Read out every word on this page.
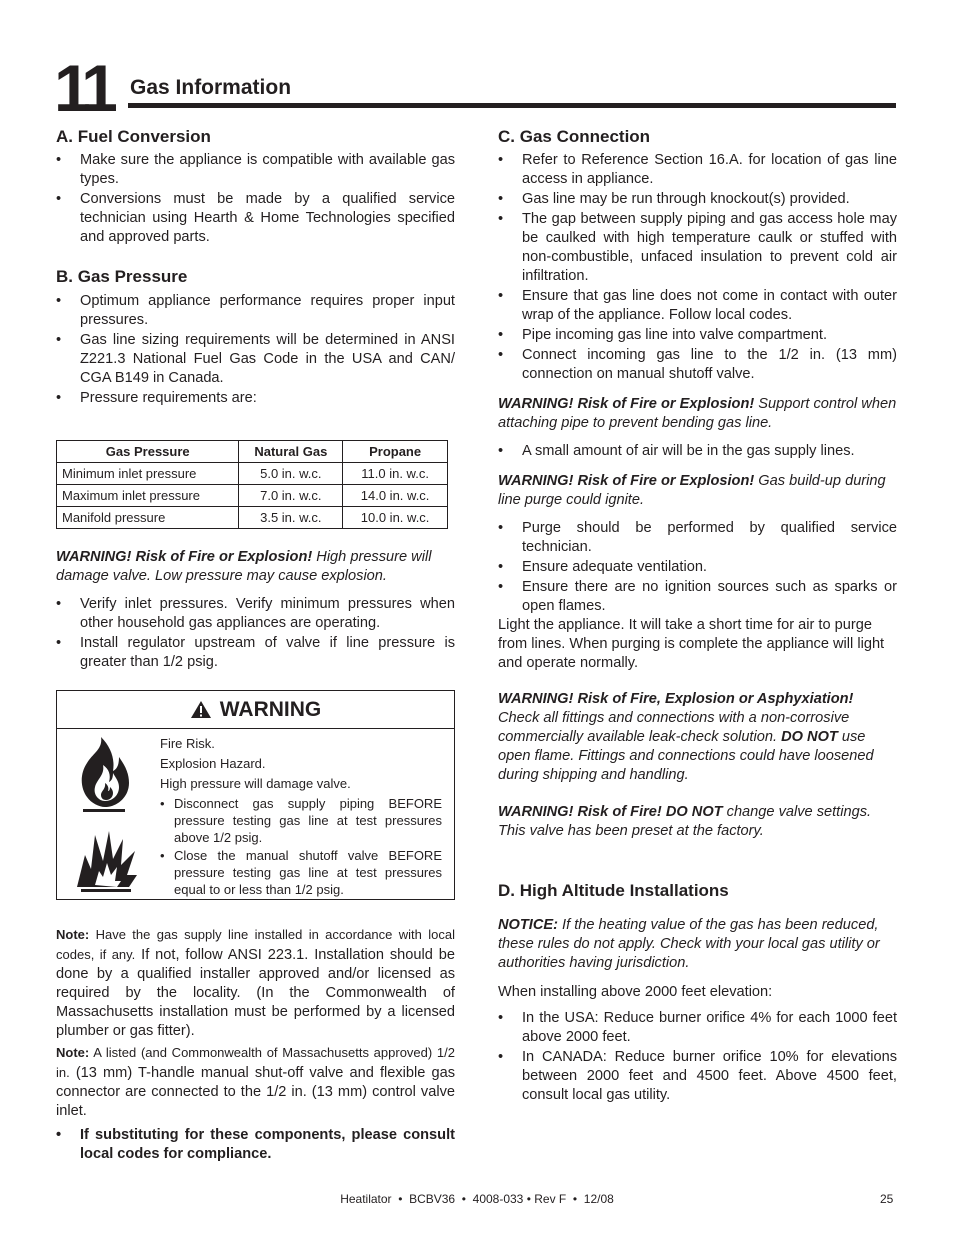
11 Gas Information
A. Fuel Conversion
• Make sure the appliance is compatible with available gas types.
• Conversions must be made by a qualified service technician using Hearth & Home Technologies specified and approved parts.
B. Gas Pressure
• Optimum appliance performance requires proper input pressures.
• Gas line sizing requirements will be determined in ANSI Z221.3 National Fuel Gas Code in the USA and CAN/ CGA B149 in Canada.
• Pressure requirements are:
Gas Pressure	Natural Gas	Propane
Minimum inlet pressure	5.0 in. w.c.	11.0 in. w.c.
Maximum inlet pressure	7.0 in. w.c.	14.0 in. w.c.
Manifold pressure	3.5 in. w.c.	10.0 in. w.c.
WARNING! Risk of Fire or Explosion! High pressure will damage valve. Low pressure may cause explosion.
• Verify inlet pressures. Verify minimum pressures when other household gas appliances are operating.
• Install regulator upstream of valve if line pressure is greater than 1/2 psig.
WARNING
Fire Risk.
Explosion Hazard.
High pressure will damage valve.
• Disconnect gas supply piping BEFORE pressure testing gas line at test pressures above 1/2 psig.
• Close the manual shutoff valve BEFORE pressure testing gas line at test pressures equal to or less than 1/2 psig.
Note: Have the gas supply line installed in accordance with local codes, if any. If not, follow ANSI 223.1. Installation should be done by a qualified installer approved and/or licensed as required by the locality. (In the Commonwealth of Massachusetts installation must be performed by a licensed plumber or gas fitter).
Note: A listed (and Commonwealth of Massachusetts approved) 1/2 in. (13 mm) T-handle manual shut-off valve and flexible gas connector are connected to the 1/2 in. (13 mm) control valve inlet.
• If substituting for these components, please consult local codes for compliance.
C. Gas Connection
• Refer to Reference Section 16.A. for location of gas line access in appliance.
• Gas line may be run through knockout(s) provided.
• The gap between supply piping and gas access hole may be caulked with high temperature caulk or stuffed with non-combustible, unfaced insulation to prevent cold air infiltration.
• Ensure that gas line does not come in contact with outer wrap of the appliance. Follow local codes.
• Pipe incoming gas line into valve compartment.
• Connect incoming gas line to the 1/2 in. (13 mm) connection on manual shutoff valve.
WARNING! Risk of Fire or Explosion! Support control when attaching pipe to prevent bending gas line.
• A small amount of air will be in the gas supply lines.
WARNING! Risk of Fire or Explosion! Gas build-up during line purge could ignite.
• Purge should be performed by qualified service technician.
• Ensure adequate ventilation.
• Ensure there are no ignition sources such as sparks or open flames.
Light the appliance. It will take a short time for air to purge from lines. When purging is complete the appliance will light and operate normally.
WARNING! Risk of Fire, Explosion or Asphyxiation! Check all fittings and connections with a non-corrosive commercially available leak-check solution. DO NOT use open flame. Fittings and connections could have loosened during shipping and handling.
WARNING! Risk of Fire! DO NOT change valve settings. This valve has been preset at the factory.
D. High Altitude Installations
NOTICE: If the heating value of the gas has been reduced, these rules do not apply. Check with your local gas utility or authorities having jurisdiction.
When installing above 2000 feet elevation:
• In the USA: Reduce burner orifice 4% for each 1000 feet above 2000 feet.
• In CANADA: Reduce burner orifice 10% for elevations between 2000 feet and 4500 feet. Above 4500 feet, consult local gas utility.
Heatilator  •  BCBV36  •  4008-033 • Rev F  •  12/08	25
